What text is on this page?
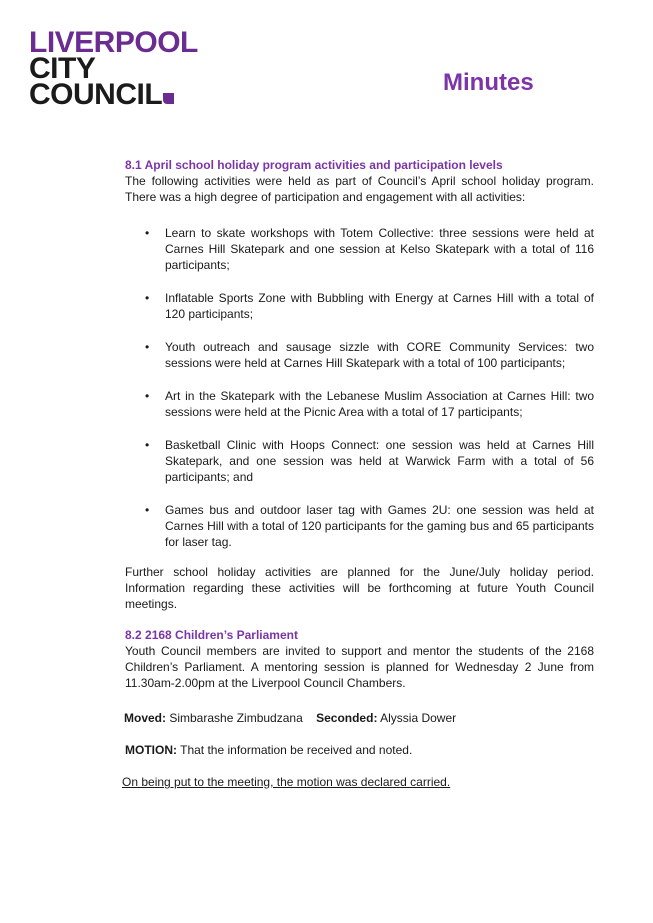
LIVERPOOL
CITY
COUNCIL	Minutes

8.1 April school holiday program activities and participation levels

The following activities were held as part of Council’s April school holiday program. There was a high degree of participation and engagement with all activities:

• Learn to skate workshops with Totem Collective: three sessions were held at Carnes Hill Skatepark and one session at Kelso Skatepark with a total of 116 participants;
• Inflatable Sports Zone with Bubbling with Energy at Carnes Hill with a total of 120 participants;
• Youth outreach and sausage sizzle with CORE Community Services: two sessions were held at Carnes Hill Skatepark with a total of 100 participants;
• Art in the Skatepark with the Lebanese Muslim Association at Carnes Hill: two sessions were held at the Picnic Area with a total of 17 participants;
• Basketball Clinic with Hoops Connect: one session was held at Carnes Hill Skatepark, and one session was held at Warwick Farm with a total of 56 participants; and
• Games bus and outdoor laser tag with Games 2U: one session was held at Carnes Hill with a total of 120 participants for the gaming bus and 65 participants for laser tag.

Further school holiday activities are planned for the June/July holiday period. Information regarding these activities will be forthcoming at future Youth Council meetings.

8.2 2168 Children’s Parliament

Youth Council members are invited to support and mentor the students of the 2168 Children’s Parliament. A mentoring session is planned for Wednesday 2 June from 11.30am-2.00pm at the Liverpool Council Chambers.

Moved: Simbarashe Zimbudzana Seconded: Alyssia Dower

MOTION: That the information be received and noted.

On being put to the meeting, the motion was declared carried.
